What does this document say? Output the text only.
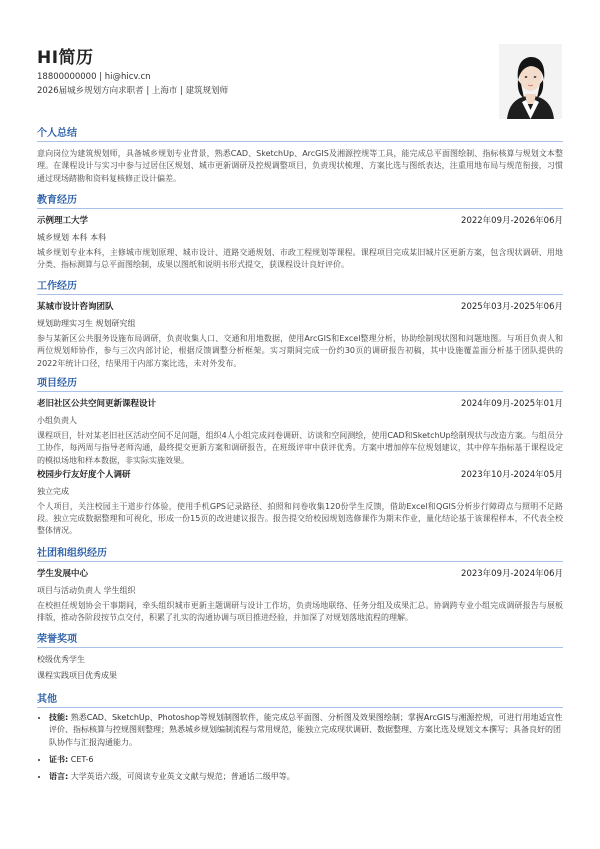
HI简历
18800000000 | hi@hicv.cn
2026届城乡规划方向求职者 | 上海市 | 建筑规划师
个人总结
意向岗位为建筑规划师，具备城乡规划专业背景，熟悉CAD、SketchUp、ArcGIS及湘源控规等工具，能完成总平面图绘制、指标核算与规划文本整理。在课程设计与实习中参与过居住区规划、城市更新调研及控规调整项目，负责现状梳理、方案比选与图纸表达，注重用地布局与规范衔接，习惯通过现场踏勘和资料复核修正设计偏差。
教育经历
示例理工大学	2022年09月-2026年06月
城乡规划 本科 本科
城乡规划专业本科，主修城市规划原理、城市设计、道路交通规划、市政工程规划等课程。课程项目完成某旧城片区更新方案，包含现状调研、用地分类、指标测算与总平面图绘制，成果以图纸和说明书形式提交，获课程设计良好评价。
工作经历
某城市设计咨询团队	2025年03月-2025年06月
规划助理实习生 规划研究组
参与某新区公共服务设施布局调研，负责收集人口、交通和用地数据，使用ArcGIS和Excel整理分析，协助绘制现状图和问题地图。与项目负责人和两位规划师协作，参与三次内部讨论，根据反馈调整分析框架。实习期间完成一份约30页的调研报告初稿，其中设施覆盖面分析基于团队提供的2022年统计口径，结果用于内部方案比选，未对外发布。
项目经历
老旧社区公共空间更新课程设计	2024年09月-2025年01月
小组负责人
课程项目，针对某老旧社区活动空间不足问题，组织4人小组完成问卷调研、访谈和空间测绘，使用CAD和SketchUp绘制现状与改造方案。与组员分工协作，每两周与指导老师沟通，最终提交更新方案和调研报告，在班级评审中获评优秀。方案中增加停车位规划建议，其中停车指标基于课程设定的模拟场地和样本数据，非实际实施效果。
校园步行友好度个人调研	2023年10月-2024年05月
独立完成
个人项目，关注校园主干道步行体验，使用手机GPS记录路径、拍照和问卷收集120份学生反馈，借助Excel和QGIS分析步行障碍点与照明不足路段。独立完成数据整理和可视化，形成一份15页的改进建议报告。报告提交给校园规划选修课作为期末作业，量化结论基于该课程样本，不代表全校整体情况。
社团和组织经历
学生发展中心	2023年09月-2024年06月
项目与活动负责人 学生组织
在校担任规划协会干事期间，牵头组织城市更新主题调研与设计工作坊，负责场地联络、任务分组及成果汇总。协调跨专业小组完成调研报告与展板排版，推动各阶段按节点交付，积累了扎实的沟通协调与项目推进经验，并加深了对规划落地流程的理解。
荣誉奖项
校级优秀学生
课程实践项目优秀成果
其他
• 技能: 熟悉CAD、SketchUp、Photoshop等规划制图软件，能完成总平面图、分析图及效果图绘制；掌握ArcGIS与湘源控规，可进行用地适宜性评价、指标核算与控规图则整理；熟悉城乡规划编制流程与常用规范，能独立完成现状调研、数据整理、方案比选及规划文本撰写；具备良好的团队协作与汇报沟通能力。
• 证书: CET-6
• 语言: 大学英语六级，可阅读专业英文文献与规范；普通话二级甲等。
